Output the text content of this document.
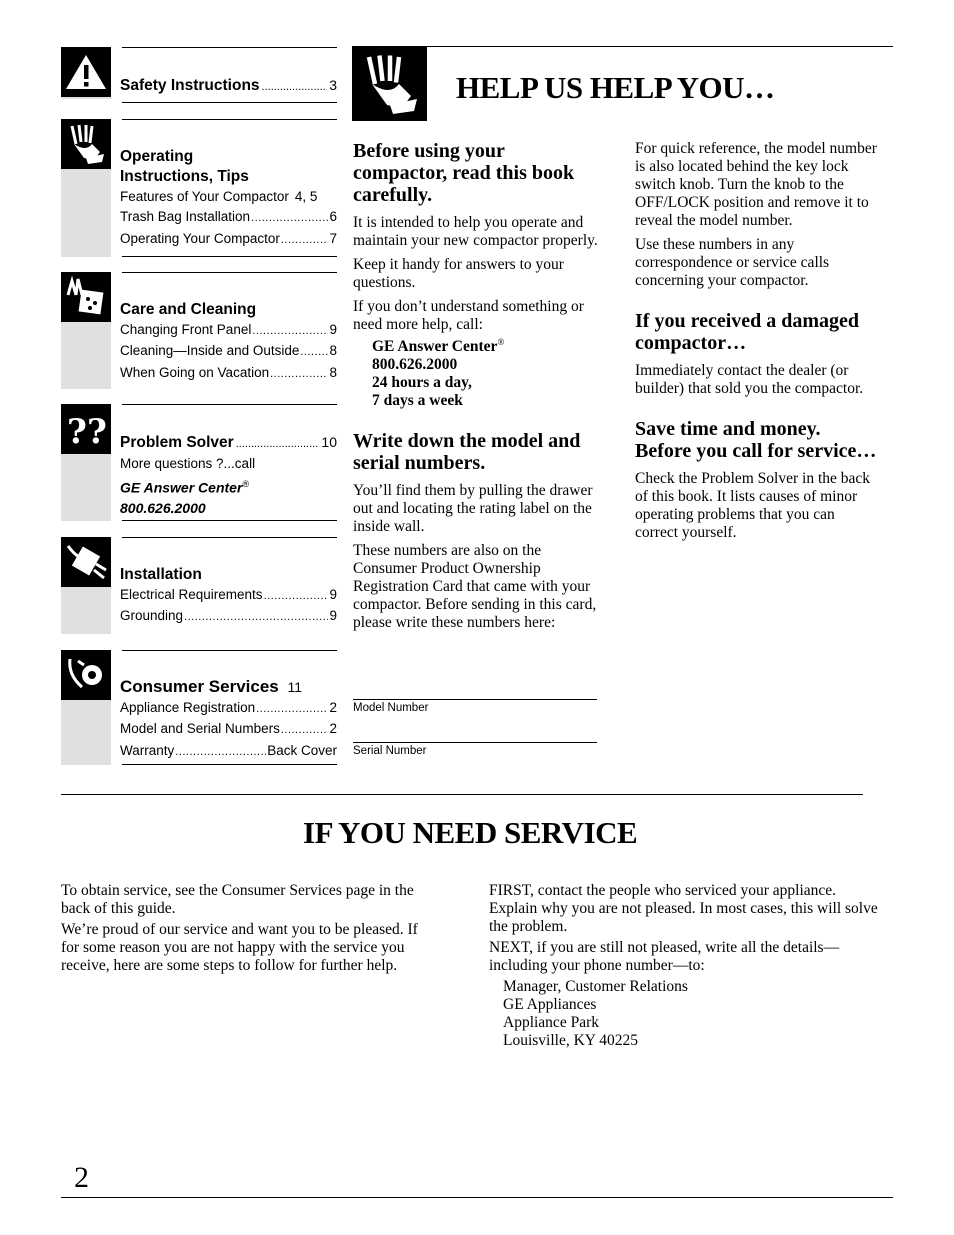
Safety Instructions .....	3
Operating
Instructions, Tips
Features of Your Compactor 4, 5
Trash Bag Installation .....	6
Operating Your Compactor .....	7
Care and Cleaning
Changing Front Panel .....	9
Cleaning—Inside and Outside ..... 8
When Going on Vacation .....	8
? ? Problem Solver .....	10
More questions ?...call
GE Answer Center®
800.626.2000
Installation
Electrical Requirements .....	9
Grounding .....	9
Consumer Services 11
Appliance Registration .....	2
Model and Serial Numbers .....	2
Warranty .....	Back Cover
HELP US HELP YOU…
Before using your compactor, read this book carefully.

It is intended to help you operate and maintain your new compactor properly.

Keep it handy for answers to your questions.

If you don’t understand something or need more help, call:

GE Answer Center®
800.626.2000
24 hours a day,
7 days a week
Write down the model and serial numbers.

You’ll find them by pulling the drawer out and locating the rating label on the inside wall.

These numbers are also on the Consumer Product Ownership Registration Card that came with your compactor. Before sending in this card, please write these numbers here:

Model Number
Serial Number

For quick reference, the model number is also located behind the key lock switch knob. Turn the knob to the OFF/LOCK position and remove it to reveal the model number.

Use these numbers in any correspondence or service calls concerning your compactor.

If you received a damaged compactor…

Immediately contact the dealer (or builder) that sold you the compactor.

Save time and money. Before you call for service…

Check the Problem Solver in the back of this book. It lists causes of minor operating problems that you can correct yourself.

IF YOU NEED SERVICE

To obtain service, see the Consumer Services page in the back of this guide.

We’re proud of our service and want you to be pleased. If for some reason you are not happy with the service you receive, here are some steps to follow for further help.

FIRST, contact the people who serviced your appliance. Explain why you are not pleased. In most cases, this will solve the problem.

NEXT, if you are still not pleased, write all the details—including your phone number—to:

Manager, Customer Relations
GE Appliances
Appliance Park
Louisville, KY 40225
2
